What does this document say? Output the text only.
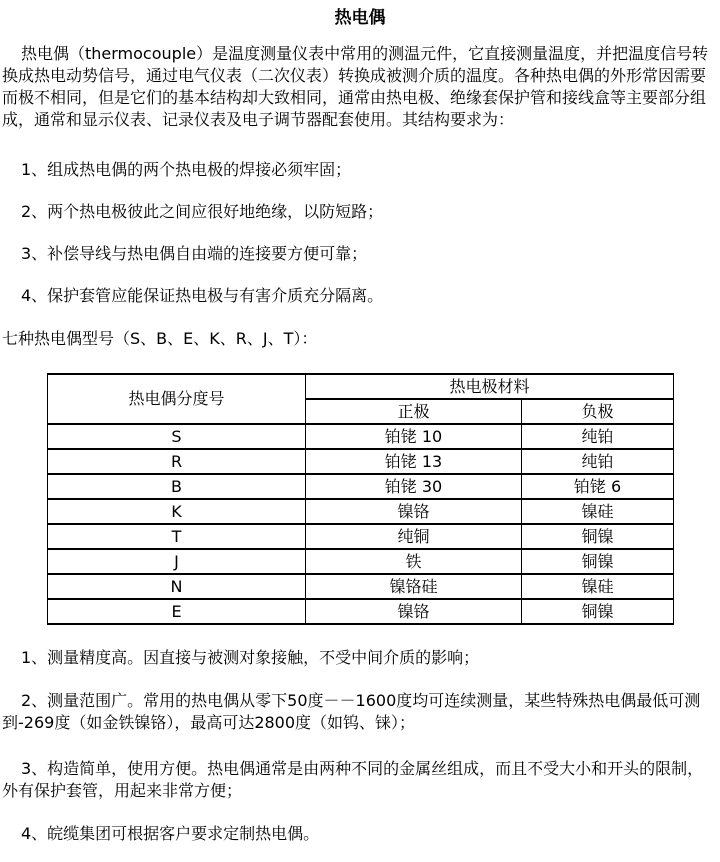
热电偶

热电偶（thermocouple）是温度测量仪表中常用的测温元件，它直接测量温度，并把温度信号转换成热电动势信号，通过电气仪表（二次仪表）转换成被测介质的温度。各种热电偶的外形常因需要而极不相同，但是它们的基本结构却大致相同，通常由热电极、绝缘套保护管和接线盒等主要部分组成，通常和显示仪表、记录仪表及电子调节器配套使用。其结构要求为：

1、组成热电偶的两个热电极的焊接必须牢固；

2、两个热电极彼此之间应很好地绝缘，以防短路；

3、补偿导线与热电偶自由端的连接要方便可靠；

4、保护套管应能保证热电极与有害介质充分隔离。

七种热电偶型号（S、B、E、K、R、J、T）：

热电偶分度号	热电极材料	
	正极	负极
S	铂铑 10	纯铂
R	铂铑 13	纯铂
B	铂铑 30	铂铑 6
K	镍铬	镍硅
T	纯铜	铜镍
J	铁	铜镍
N	镍铬硅	镍硅
E	镍铬	铜镍

1、测量精度高。因直接与被测对象接触，不受中间介质的影响；

2、测量范围广。常用的热电偶从零下50度－－1600度均可连续测量，某些特殊热电偶最低可测到-269度（如金铁镍铬），最高可达2800度（如钨、铼）；

3、构造简单，使用方便。热电偶通常是由两种不同的金属丝组成，而且不受大小和开头的限制，外有保护套管，用起来非常方便；

4、皖缆集团可根据客户要求定制热电偶。
